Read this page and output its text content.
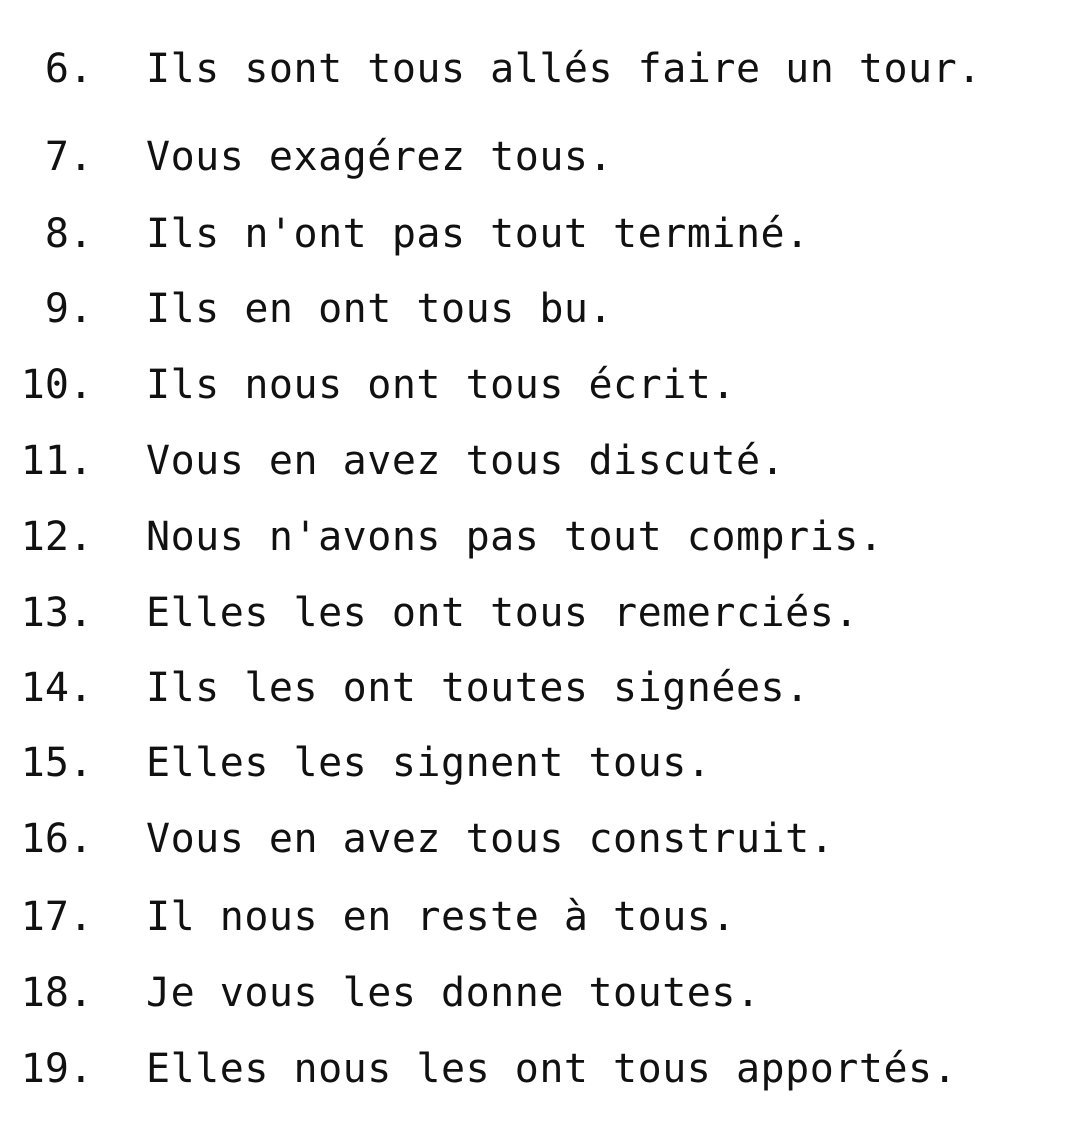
6. Ils sont tous allés faire un tour.
7. Vous exagérez tous.
8. Ils n'ont pas tout terminé.
9. Ils en ont tous bu.
10. Ils nous ont tous écrit.
11. Vous en avez tous discuté.
12. Nous n'avons pas tout compris.
13. Elles les ont tous remerciés.
14. Ils les ont toutes signées.
15. Elles les signent tous.
16. Vous en avez tous construit.
17. Il nous en reste à tous.
18. Je vous les donne toutes.
19. Elles nous les ont tous apportés.
